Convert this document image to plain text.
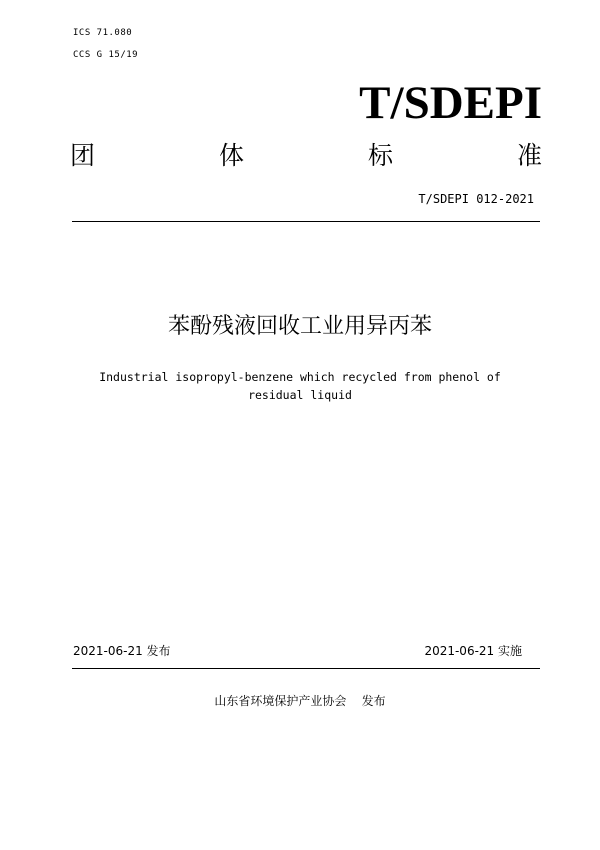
ICS 71.080
CCS G 15/19
T/SDEPI
团	体	标	准
T/SDEPI 012-2021
苯酚残液回收工业用异丙苯
Industrial isopropyl-benzene which recycled from phenol of
residual liquid
2021-06-21 发布	2021-06-21 实施
山东省环境保护产业协会    发布
